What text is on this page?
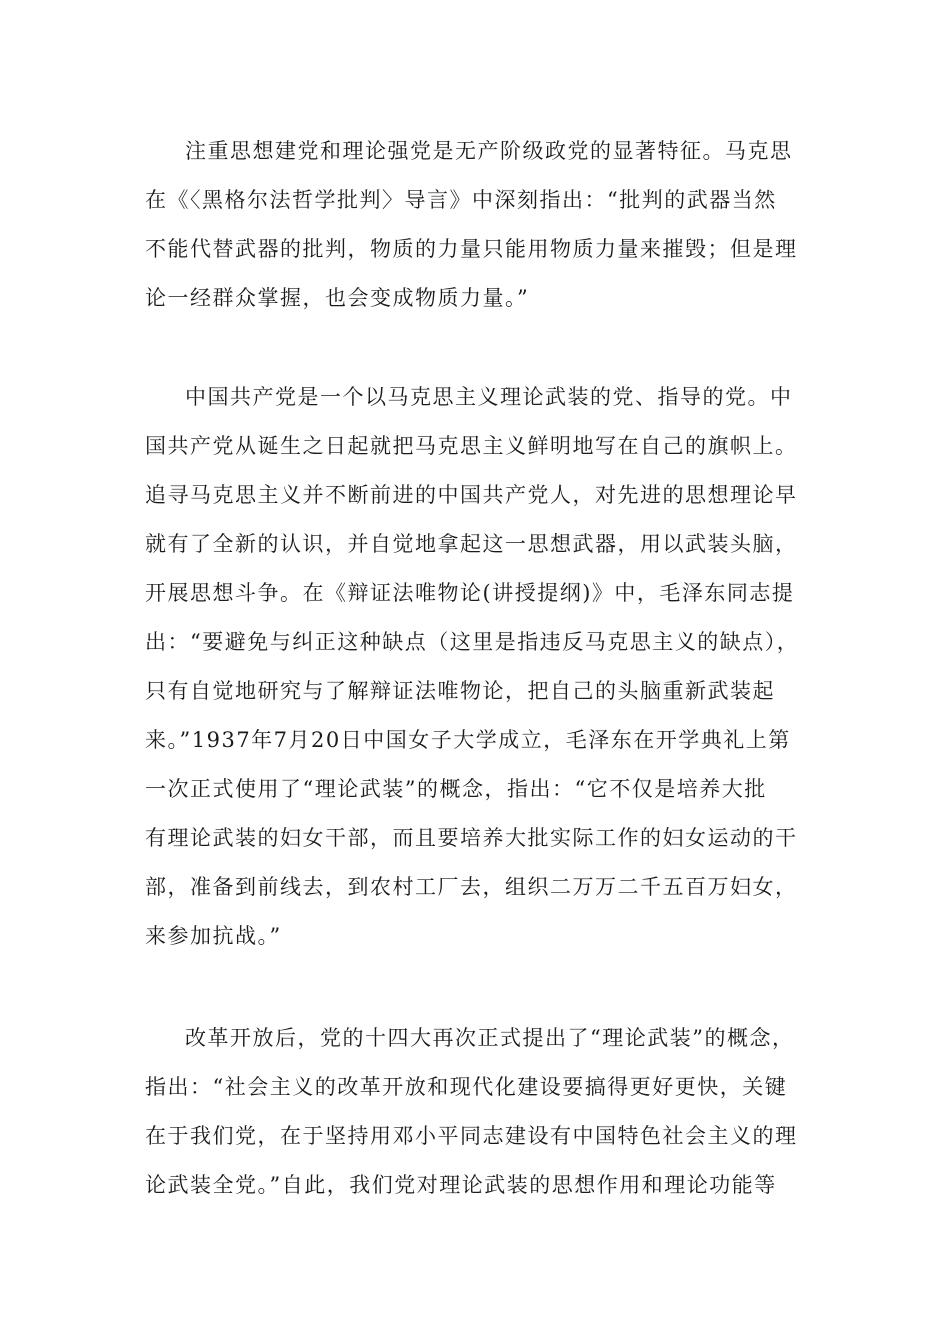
注重思想建党和理论强党是无产阶级政党的显著特征。马克思
在《〈黑格尔法哲学批判〉导言》中深刻指出：“批判的武器当然
不能代替武器的批判，物质的力量只能用物质力量来摧毁；但是理
论一经群众掌握，也会变成物质力量。”
中国共产党是一个以马克思主义理论武装的党、指导的党。中
国共产党从诞生之日起就把马克思主义鲜明地写在自己的旗帜上。
追寻马克思主义并不断前进的中国共产党人，对先进的思想理论早
就有了全新的认识，并自觉地拿起这一思想武器，用以武装头脑，
开展思想斗争。在《辩证法唯物论(讲授提纲)》中，毛泽东同志提
出：“要避免与纠正这种缺点（这里是指违反马克思主义的缺点），
只有自觉地研究与了解辩证法唯物论，把自己的头脑重新武装起
来。”1937年7月20日中国女子大学成立，毛泽东在开学典礼上第
一次正式使用了“理论武装”的概念，指出：“它不仅是培养大批
有理论武装的妇女干部，而且要培养大批实际工作的妇女运动的干
部，准备到前线去，到农村工厂去，组织二万万二千五百万妇女，
来参加抗战。”
改革开放后，党的十四大再次正式提出了“理论武装”的概念，
指出：“社会主义的改革开放和现代化建设要搞得更好更快，关键
在于我们党，在于坚持用邓小平同志建设有中国特色社会主义的理
论武装全党。”自此，我们党对理论武装的思想作用和理论功能等
